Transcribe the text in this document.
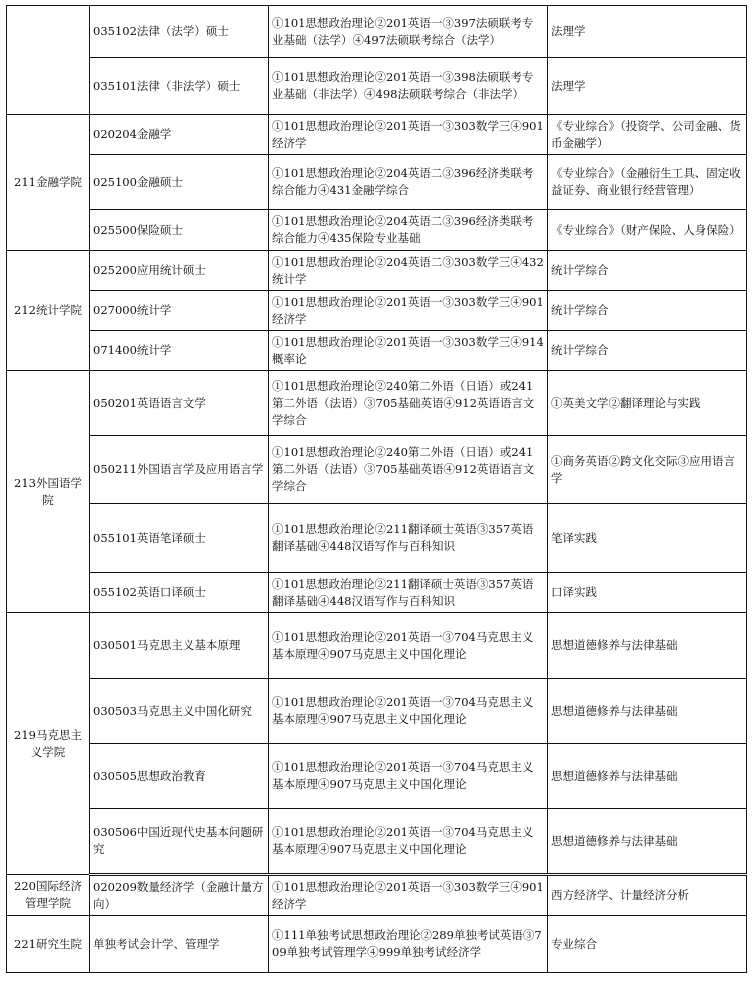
	035102法律（法学）硕士	①101思想政治理论②201英语一③397法硕联考专业基础（法学）④497法硕联考综合（法学）	法理学
	035101法律（非法学）硕士	①101思想政治理论②201英语一③398法硕联考专业基础（非法学）④498法硕联考综合（非法学）	法理学
211金融学院	020204金融学	①101思想政治理论②201英语一③303数学三④901经济学	《专业综合》（投资学、公司金融、货币金融学）
	025100金融硕士	①101思想政治理论②204英语二③396经济类联考综合能力④431金融学综合	《专业综合》（金融衍生工具、固定收益证券、商业银行经营管理）
	025500保险硕士	①101思想政治理论②204英语二③396经济类联考综合能力④435保险专业基础	《专业综合》（财产保险、人身保险）
212统计学院	025200应用统计硕士	①101思想政治理论②204英语二③303数学三④432统计学	统计学综合
	027000统计学	①101思想政治理论②201英语一③303数学三④901经济学	统计学综合
	071400统计学	①101思想政治理论②201英语一③303数学三④914概率论	统计学综合
213外国语学院	050201英语语言文学	①101思想政治理论②240第二外语（日语）或241第二外语（法语）③705基础英语④912英语语言文学综合	①英美文学②翻译理论与实践
	050211外国语言学及应用语言学	①101思想政治理论②240第二外语（日语）或241第二外语（法语）③705基础英语④912英语语言文学综合	①商务英语②跨文化交际③应用语言学
	055101英语笔译硕士	①101思想政治理论②211翻译硕士英语③357英语翻译基础④448汉语写作与百科知识	笔译实践
	055102英语口译硕士	①101思想政治理论②211翻译硕士英语③357英语翻译基础④448汉语写作与百科知识	口译实践
219马克思主义学院	030501马克思主义基本原理	①101思想政治理论②201英语一③704马克思主义基本原理④907马克思主义中国化理论	思想道德修养与法律基础
	030503马克思主义中国化研究	①101思想政治理论②201英语一③704马克思主义基本原理④907马克思主义中国化理论	思想道德修养与法律基础
	030505思想政治教育	①101思想政治理论②201英语一③704马克思主义基本原理④907马克思主义中国化理论	思想道德修养与法律基础
	030506中国近现代史基本问题研究	①101思想政治理论②201英语一③704马克思主义基本原理④907马克思主义中国化理论	思想道德修养与法律基础
220国际经济管理学院	020209数量经济学（金融计量方向）	①101思想政治理论②201英语一③303数学三④901经济学	西方经济学、计量经济分析
221研究生院	单独考试会计学、管理学	①111单独考试思想政治理论②289单独考试英语③709单独考试管理学④999单独考试经济学	专业综合
